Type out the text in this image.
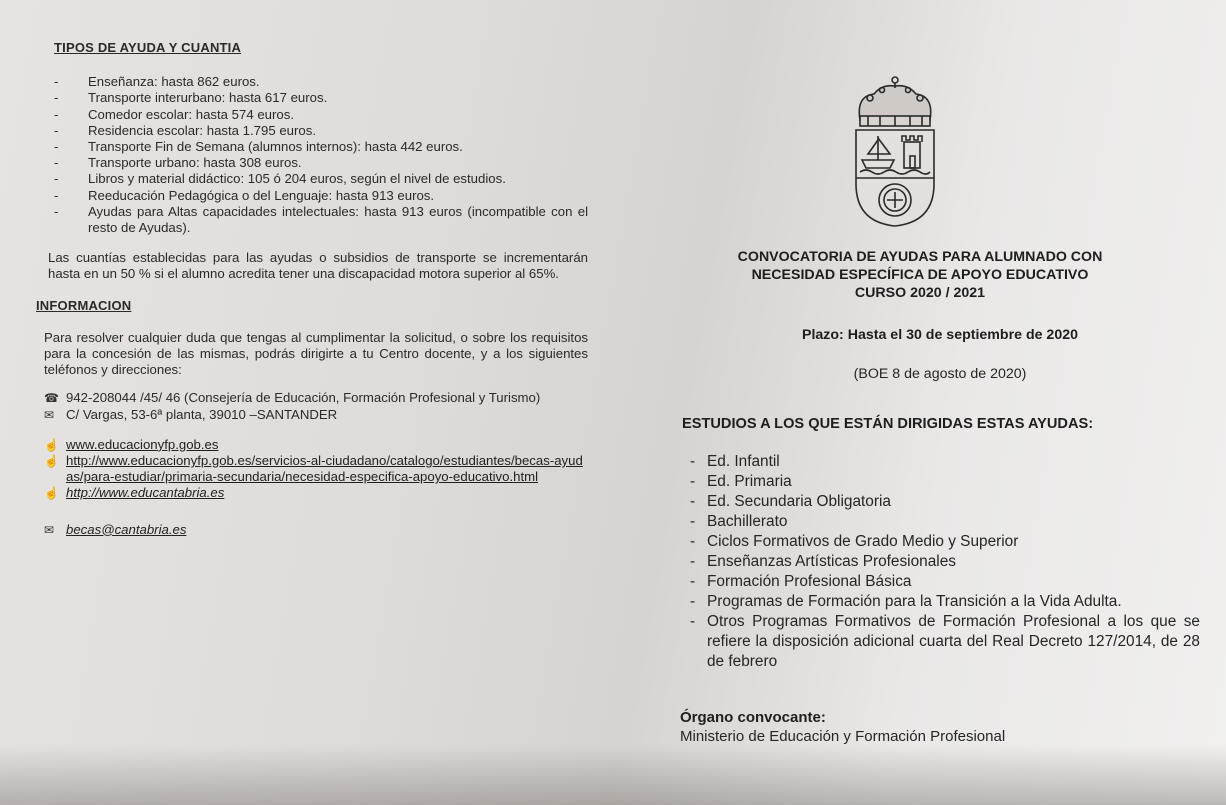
TIPOS DE AYUDA Y CUANTIA
- Enseñanza: hasta 862 euros.
- Transporte interurbano: hasta 617 euros.
- Comedor escolar: hasta 574 euros.
- Residencia escolar: hasta 1.795 euros.
- Transporte Fin de Semana (alumnos internos): hasta 442 euros.
- Transporte urbano: hasta 308 euros.
- Libros y material didáctico: 105 ó 204 euros, según el nivel de estudios.
- Reeducación Pedagógica o del Lenguaje: hasta 913 euros.
- Ayudas para Altas capacidades intelectuales: hasta 913 euros (incompatible con el resto de Ayudas).

Las cuantías establecidas para las ayudas o subsidios de transporte se incrementarán hasta en un 50 % si el alumno acredita tener una discapacidad motora superior al 65%.

INFORMACION

Para resolver cualquier duda que tengas al cumplimentar la solicitud, o sobre los requisitos para la concesión de las mismas, podrás dirigirte a tu Centro docente, y a los siguientes teléfonos y direcciones:

☎ 942-208044 /45/ 46 (Consejería de Educación, Formación Profesional y Turismo)
✉ C/ Vargas, 53-6ª planta, 39010 –SANTANDER
☝ www.educacionyfp.gob.es
☝ http://www.educacionyfp.gob.es/servicios-al-ciudadano/catalogo/estudiantes/becas-ayudas/para-estudiar/primaria-secundaria/necesidad-especifica-apoyo-educativo.html
☝ http://www.educantabria.es
✉ becas@cantabria.es
CONVOCATORIA DE AYUDAS PARA ALUMNADO CON
NECESIDAD ESPECÍFICA DE APOYO EDUCATIVO
CURSO 2020 / 2021
Plazo: Hasta el 30 de septiembre de 2020
(BOE 8 de agosto de 2020)
ESTUDIOS A LOS QUE ESTÁN DIRIGIDAS ESTAS AYUDAS:
- Ed. Infantil
- Ed. Primaria
- Ed. Secundaria Obligatoria
- Bachillerato
- Ciclos Formativos de Grado Medio y Superior
- Enseñanzas Artísticas Profesionales
- Formación Profesional Básica
- Programas de Formación para la Transición a la Vida Adulta.
- Otros Programas Formativos de Formación Profesional a los que se refiere la disposición adicional cuarta del Real Decreto 127/2014, de 28 de febrero
Órgano convocante:
Ministerio de Educación y Formación Profesional
